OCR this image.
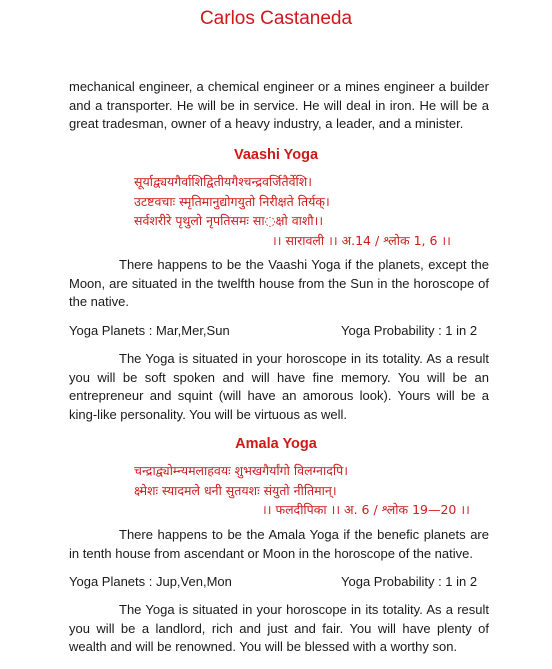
Carlos Castaneda

mechanical engineer, a chemical engineer or a mines engineer a builder and a transporter. He will be in service. He will deal in iron. He will be a great tradesman, owner of a heavy industry, a leader, and a minister.

Vaashi Yoga

सूर्याद्व्ययगैर्वाशिद्वितीयगैश्चन्द्रवर्जितैर्वेशि।

उटष्टवचाः स्मृतिमानुद्योगयुतो निरीक्षते तिर्यक्।

सर्वशरीरे पृथुलो नृपतिसमः सा◌क्षो वाशौ।।

।। सारावली ।। अ.14 / श्लोक 1, 6 ।।

There happens to be the Vaashi Yoga if the planets, except the Moon, are situated in the twelfth house from the Sun in the horoscope of the native.

Yoga Planets : Mar,Mer,Sun	Yoga Probability : 1 in 2

The Yoga is situated in your horoscope in its totality. As a result you will be soft spoken and will have fine memory. You will be an entrepreneur and squint (will have an amorous look). Yours will be a king-like personality. You will be virtuous as well.

Amala Yoga

चन्द्राद्व्योम्न्यमलाहवयः शुभखगैर्यांगो विलग्नादपि।

क्ष्मेशः स्यादमले धनी सुतयशः संयुतो नीतिमान्।

।। फलदीपिका ।। अ. 6 / श्लोक 19—20 ।।

There happens to be the Amala Yoga if the benefic planets are in tenth house from ascendant or Moon in the horoscope of the native.

Yoga Planets : Jup,Ven,Mon	Yoga Probability : 1 in 2

The Yoga is situated in your horoscope in its totality. As a result you will be a landlord, rich and just and fair. You will have plenty of wealth and will be renowned. You will be blessed with a worthy son.
